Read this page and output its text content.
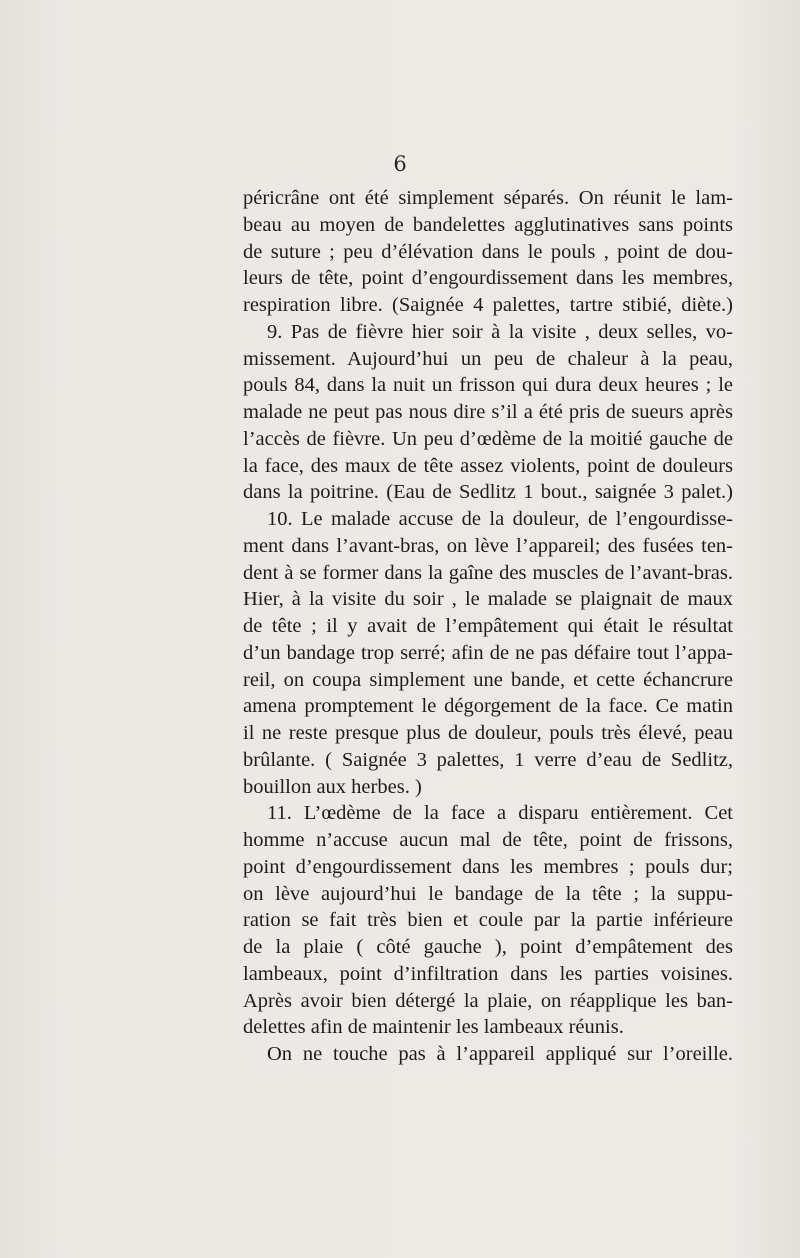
6
péricrâne ont été simplement séparés. On réunit le lam-
beau au moyen de bandelettes agglutinatives sans points
de suture ; peu d’élévation dans le pouls , point de dou-
leurs de tête, point d’engourdissement dans les membres,
respiration libre. (Saignée 4 palettes, tartre stibié, diète.)
9. Pas de fièvre hier soir à la visite , deux selles, vo-
missement. Aujourd’hui un peu de chaleur à la peau,
pouls 84, dans la nuit un frisson qui dura deux heures ; le
malade ne peut pas nous dire s’il a été pris de sueurs après
l’accès de fièvre. Un peu d’œdème de la moitié gauche de
la face, des maux de tête assez violents, point de douleurs
dans la poitrine. (Eau de Sedlitz 1 bout., saignée 3 palet.)
10. Le malade accuse de la douleur, de l’engourdisse-
ment dans l’avant-bras, on lève l’appareil; des fusées ten-
dent à se former dans la gaîne des muscles de l’avant-bras.
Hier, à la visite du soir , le malade se plaignait de maux
de tête ; il y avait de l’empâtement qui était le résultat
d’un bandage trop serré; afin de ne pas défaire tout l’appa-
reil, on coupa simplement une bande, et cette échancrure
amena promptement le dégorgement de la face. Ce matin
il ne reste presque plus de douleur, pouls très élevé, peau
brûlante. ( Saignée 3 palettes, 1 verre d’eau de Sedlitz,
bouillon aux herbes. )
11. L’œdème de la face a disparu entièrement. Cet
homme n’accuse aucun mal de tête, point de frissons,
point d’engourdissement dans les membres ; pouls dur;
on lève aujourd’hui le bandage de la tête ; la suppu-
ration se fait très bien et coule par la partie inférieure
de la plaie ( côté gauche ), point d’empâtement des
lambeaux, point d’infiltration dans les parties voisines.
Après avoir bien détergé la plaie, on réapplique les ban-
delettes afin de maintenir les lambeaux réunis.
On ne touche pas à l’appareil appliqué sur l’oreille.
